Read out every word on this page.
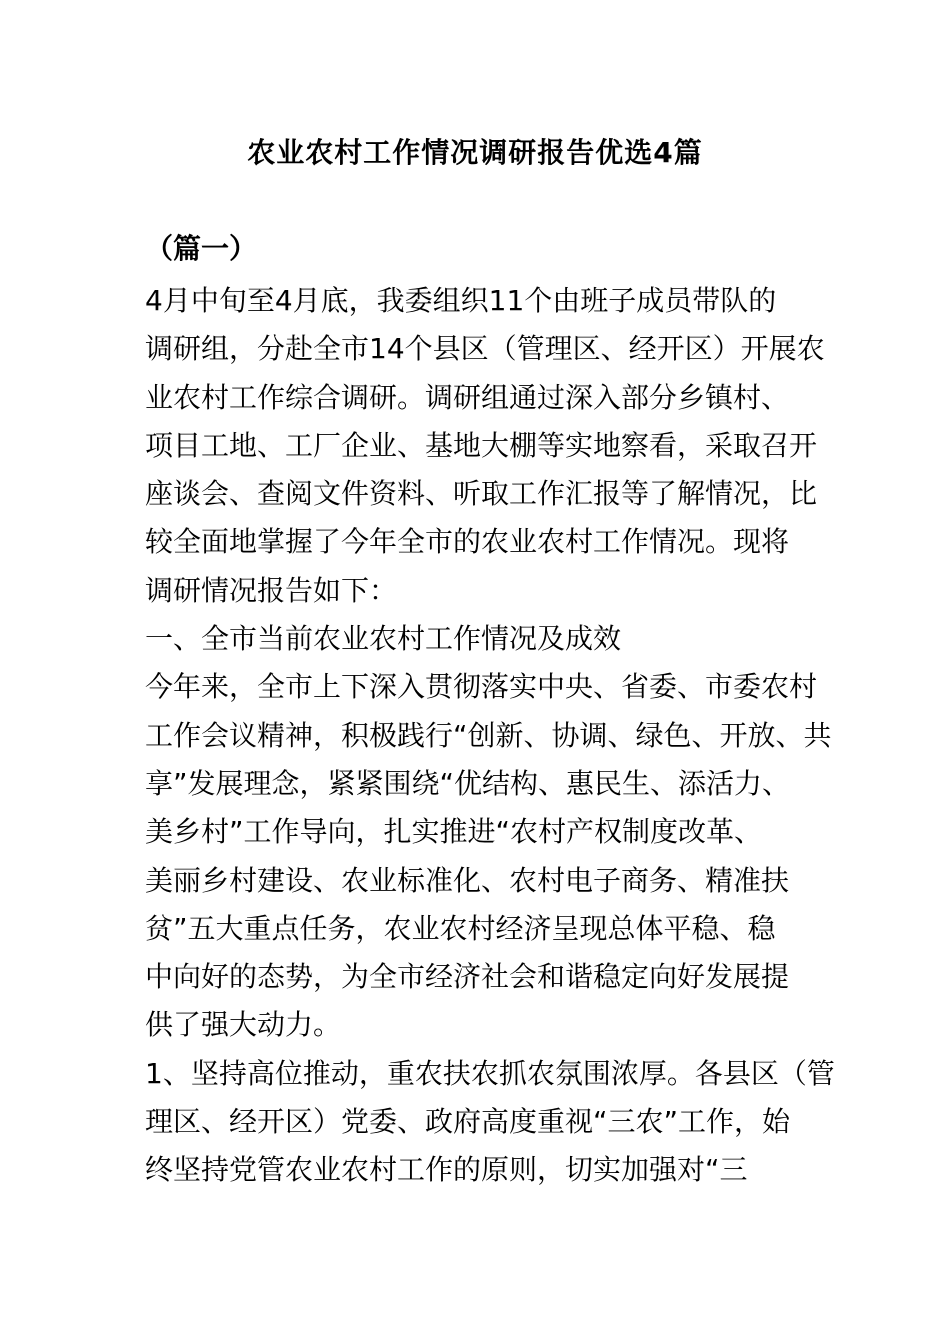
农业农村工作情况调研报告优选4篇
（篇一）
4月中旬至4月底，我委组织11个由班子成员带队的
调研组，分赴全市14个县区（管理区、经开区）开展农
业农村工作综合调研。调研组通过深入部分乡镇村、
项目工地、工厂企业、基地大棚等实地察看，采取召开
座谈会、查阅文件资料、听取工作汇报等了解情况，比
较全面地掌握了今年全市的农业农村工作情况。现将
调研情况报告如下：
一、全市当前农业农村工作情况及成效
今年来，全市上下深入贯彻落实中央、省委、市委农村
工作会议精神，积极践行“创新、协调、绿色、开放、共
享”发展理念，紧紧围绕“优结构、惠民生、添活力、
美乡村”工作导向，扎实推进“农村产权制度改革、
美丽乡村建设、农业标准化、农村电子商务、精准扶
贫”五大重点任务，农业农村经济呈现总体平稳、稳
中向好的态势，为全市经济社会和谐稳定向好发展提
供了强大动力。
1、坚持高位推动，重农扶农抓农氛围浓厚。各县区（管
理区、经开区）党委、政府高度重视“三农”工作，始
终坚持党管农业农村工作的原则，切实加强对“三
